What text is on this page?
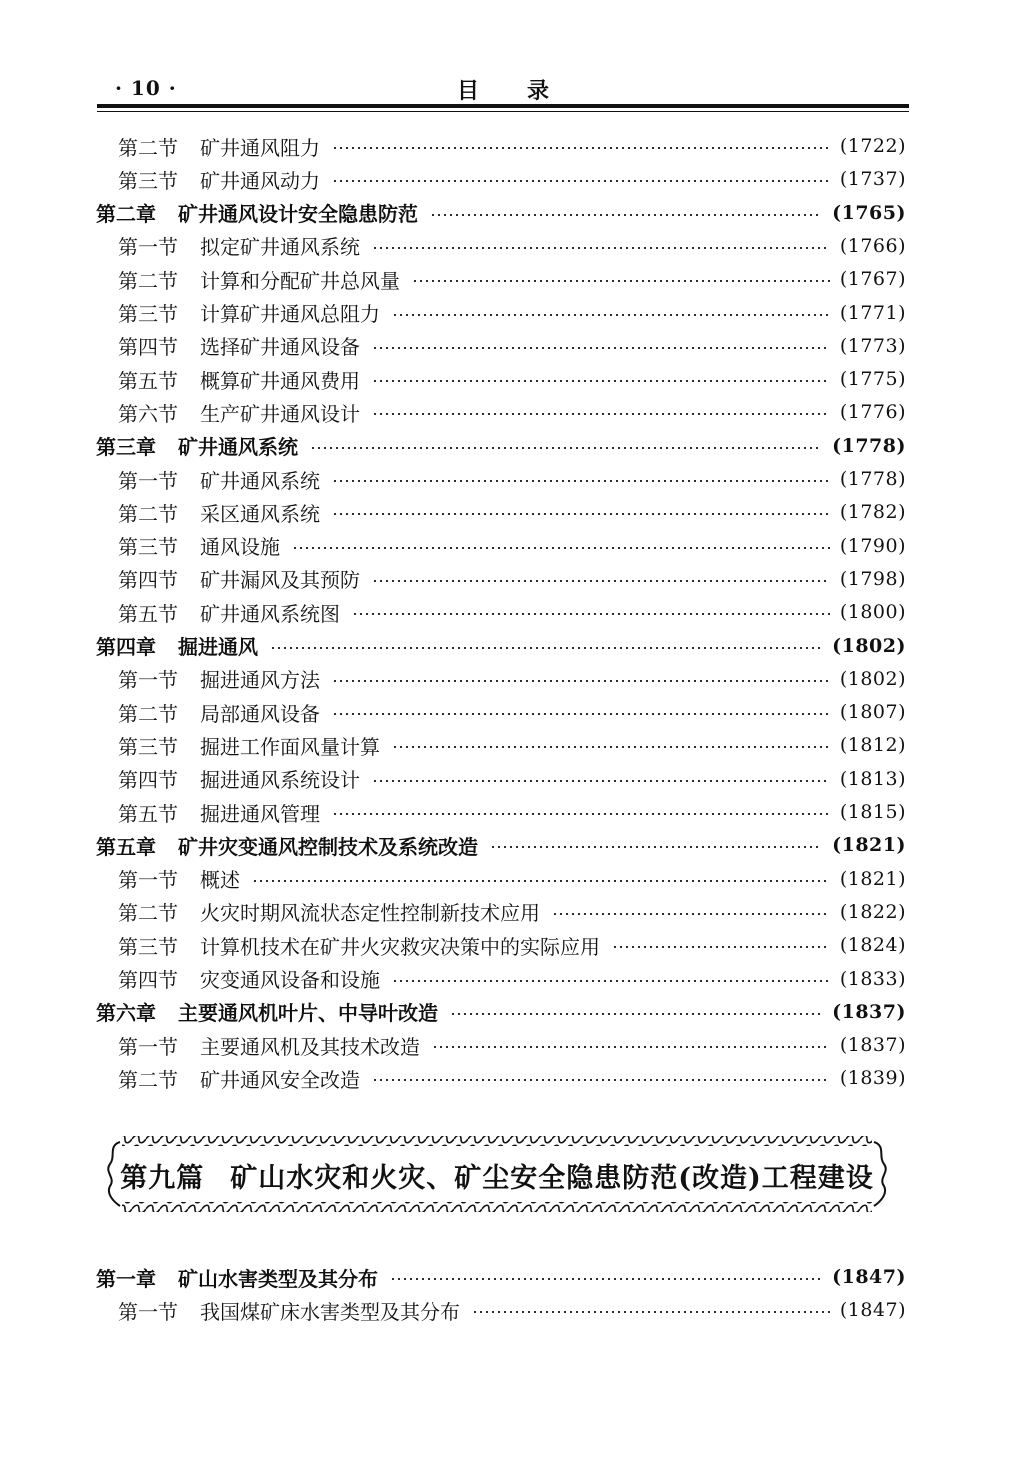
· 10 ·	目录
第二节 矿井通风阻力	(1722)
第三节 矿井通风动力	(1737)
第二章 矿井通风设计安全隐患防范	(1765)
第一节 拟定矿井通风系统	(1766)
第二节 计算和分配矿井总风量	(1767)
第三节 计算矿井通风总阻力	(1771)
第四节 选择矿井通风设备	(1773)
第五节 概算矿井通风费用	(1775)
第六节 生产矿井通风设计	(1776)
第三章 矿井通风系统	(1778)
第一节 矿井通风系统	(1778)
第二节 采区通风系统	(1782)
第三节 通风设施	(1790)
第四节 矿井漏风及其预防	(1798)
第五节 矿井通风系统图	(1800)
第四章 掘进通风	(1802)
第一节 掘进通风方法	(1802)
第二节 局部通风设备	(1807)
第三节 掘进工作面风量计算	(1812)
第四节 掘进通风系统设计	(1813)
第五节 掘进通风管理	(1815)
第五章 矿井灾变通风控制技术及系统改造	(1821)
第一节 概述	(1821)
第二节 火灾时期风流状态定性控制新技术应用	(1822)
第三节 计算机技术在矿井火灾救灾决策中的实际应用	(1824)
第四节 灾变通风设备和设施	(1833)
第六章 主要通风机叶片、中导叶改造	(1837)
第一节 主要通风机及其技术改造	(1837)
第二节 矿井通风安全改造	(1839)
第九篇 矿山水灾和火灾、矿尘安全隐患防范(改造)工程建设
第一章 矿山水害类型及其分布	(1847)
第一节 我国煤矿床水害类型及其分布	(1847)
